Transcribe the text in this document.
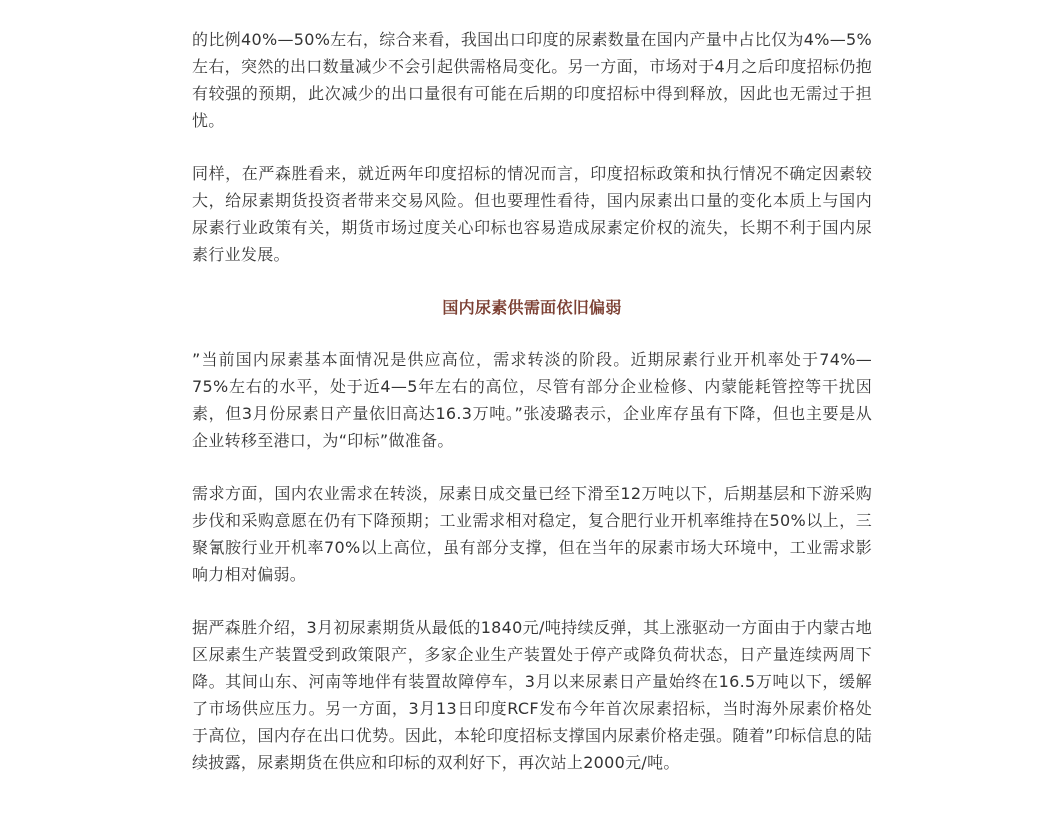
的比例40%—50%左右，综合来看，我国出口印度的尿素数量在国内产量中占比仅为4%—5%左右，突然的出口数量减少不会引起供需格局变化。另一方面，市场对于4月之后印度招标仍抱有较强的预期，此次减少的出口量很有可能在后期的印度招标中得到释放，因此也无需过于担忧。

同样，在严森胜看来，就近两年印度招标的情况而言，印度招标政策和执行情况不确定因素较大，给尿素期货投资者带来交易风险。但也要理性看待，国内尿素出口量的变化本质上与国内尿素行业政策有关，期货市场过度关心印标也容易造成尿素定价权的流失，长期不利于国内尿素行业发展。

国内尿素供需面依旧偏弱

”当前国内尿素基本面情况是供应高位，需求转淡的阶段。近期尿素行业开机率处于74%—75%左右的水平，处于近4—5年左右的高位，尽管有部分企业检修、内蒙能耗管控等干扰因素，但3月份尿素日产量依旧高达16.3万吨。”张凌璐表示，企业库存虽有下降，但也主要是从企业转移至港口，为“印标”做准备。

需求方面，国内农业需求在转淡，尿素日成交量已经下滑至12万吨以下，后期基层和下游采购步伐和采购意愿在仍有下降预期；工业需求相对稳定，复合肥行业开机率维持在50%以上，三聚氰胺行业开机率70%以上高位，虽有部分支撑，但在当年的尿素市场大环境中，工业需求影响力相对偏弱。

据严森胜介绍，3月初尿素期货从最低的1840元/吨持续反弹，其上涨驱动一方面由于内蒙古地区尿素生产装置受到政策限产，多家企业生产装置处于停产或降负荷状态，日产量连续两周下降。其间山东、河南等地伴有装置故障停车，3月以来尿素日产量始终在16.5万吨以下，缓解了市场供应压力。另一方面，3月13日印度RCF发布今年首次尿素招标，当时海外尿素价格处于高位，国内存在出口优势。因此，本轮印度招标支撑国内尿素价格走强。随着”印标信息的陆续披露，尿素期货在供应和印标的双利好下，再次站上2000元/吨。
